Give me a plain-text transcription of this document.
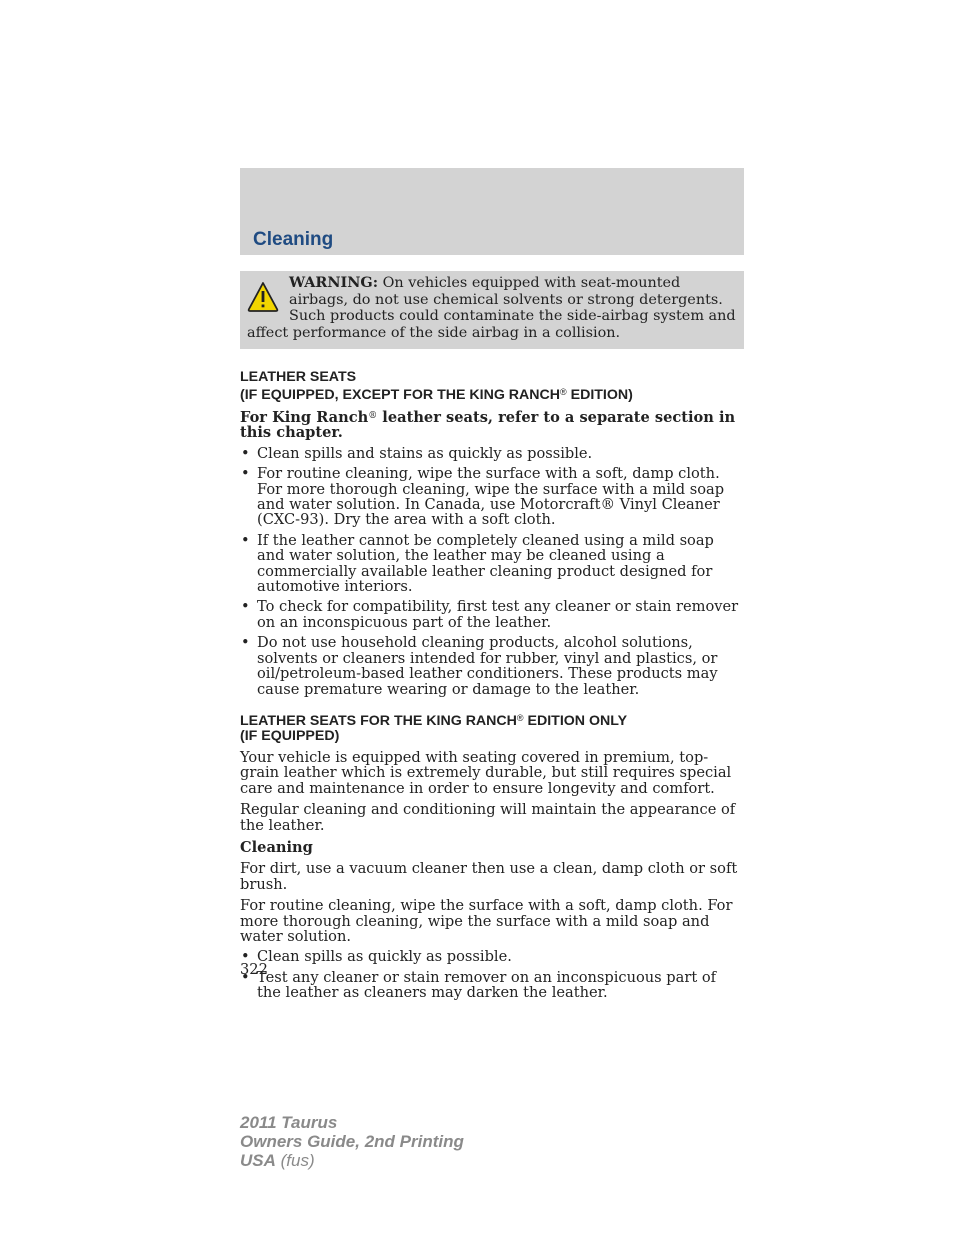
Cleaning
WARNING: On vehicles equipped with seat-mounted airbags, do not use chemical solvents or strong detergents. Such products could contaminate the side-airbag system and affect performance of the side airbag in a collision.
LEATHER SEATS
(IF EQUIPPED, EXCEPT FOR THE KING RANCH® EDITION)
For King Ranch® leather seats, refer to a separate section in this chapter.
• Clean spills and stains as quickly as possible.
• For routine cleaning, wipe the surface with a soft, damp cloth. For more thorough cleaning, wipe the surface with a mild soap and water solution. In Canada, use Motorcraft® Vinyl Cleaner (CXC-93). Dry the area with a soft cloth.
• If the leather cannot be completely cleaned using a mild soap and water solution, the leather may be cleaned using a commercially available leather cleaning product designed for automotive interiors.
• To check for compatibility, first test any cleaner or stain remover on an inconspicuous part of the leather.
• Do not use household cleaning products, alcohol solutions, solvents or cleaners intended for rubber, vinyl and plastics, or oil/petroleum-based leather conditioners. These products may cause premature wearing or damage to the leather.
LEATHER SEATS FOR THE KING RANCH® EDITION ONLY
(IF EQUIPPED)

Your vehicle is equipped with seating covered in premium, top-grain leather which is extremely durable, but still requires special care and maintenance in order to ensure longevity and comfort.

Regular cleaning and conditioning will maintain the appearance of the leather.

Cleaning

For dirt, use a vacuum cleaner then use a clean, damp cloth or soft brush.

For routine cleaning, wipe the surface with a soft, damp cloth. For more thorough cleaning, wipe the surface with a mild soap and water solution.

• Clean spills as quickly as possible.
• Test any cleaner or stain remover on an inconspicuous part of the leather as cleaners may darken the leather.
322
2011 Taurus
Owners Guide, 2nd Printing
USA (fus)
